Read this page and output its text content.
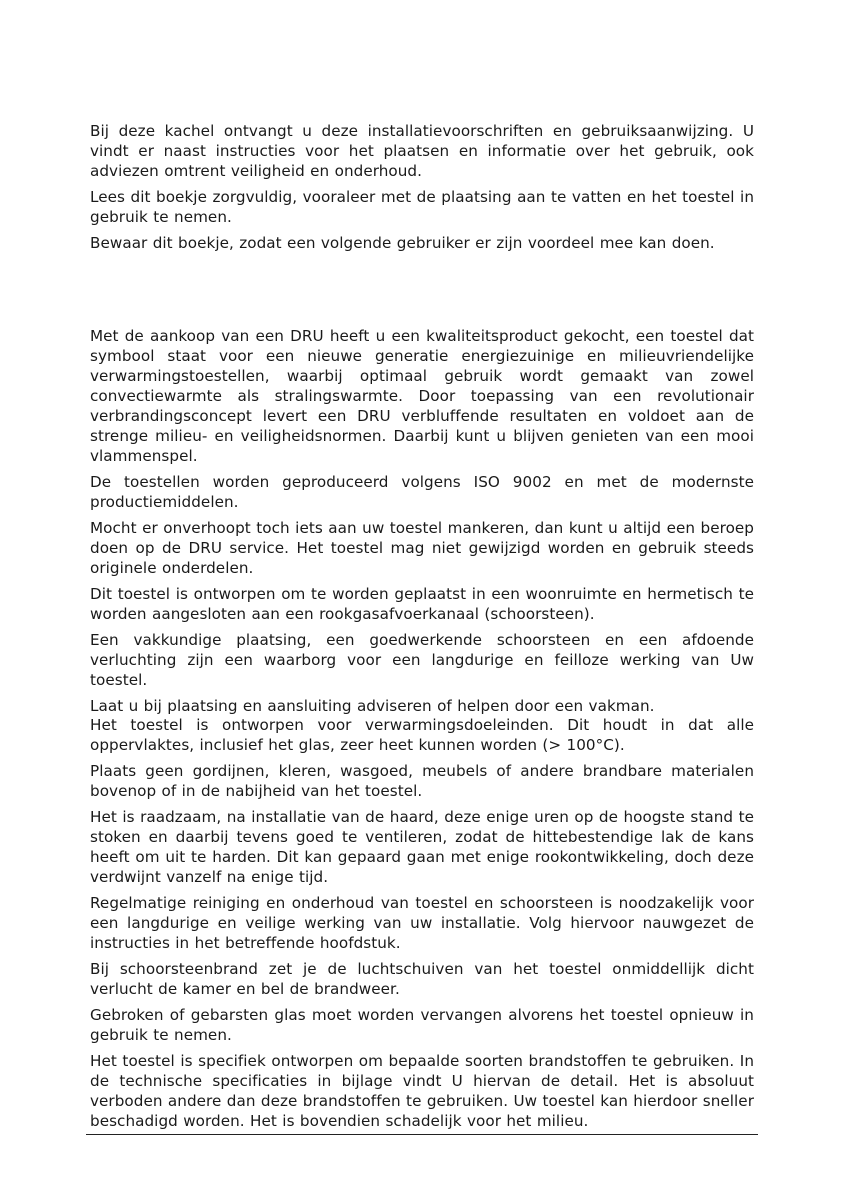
Bij deze kachel ontvangt u deze installatievoorschriften en gebruiksaanwijzing. U vindt er naast instructies voor het plaatsen en informatie over het gebruik, ook adviezen omtrent veiligheid en onderhoud.

Lees dit boekje zorgvuldig, vooraleer met de plaatsing aan te vatten en het toestel in gebruik te nemen.

Bewaar dit boekje, zodat een volgende gebruiker er zijn voordeel mee kan doen.

Met de aankoop van een DRU heeft u een kwaliteitsproduct gekocht, een toestel dat symbool staat voor een nieuwe generatie energiezuinige en milieuvriendelijke verwarmingstoestellen, waarbij optimaal gebruik wordt gemaakt van zowel convectiewarmte als stralingswarmte. Door toepassing van een revolutionair verbrandingsconcept levert een DRU verbluffende resultaten en voldoet aan de strenge milieu- en veiligheidsnormen. Daarbij kunt u blijven genieten van een mooi vlammenspel.

De toestellen worden geproduceerd volgens ISO 9002 en met de modernste productiemiddelen.

Mocht er onverhoopt toch iets aan uw toestel mankeren, dan kunt u altijd een beroep doen op de DRU service. Het toestel mag niet gewijzigd worden en gebruik steeds originele onderdelen.

Dit toestel is ontworpen om te worden geplaatst in een woonruimte en hermetisch te worden aangesloten aan een rookgasafvoerkanaal (schoorsteen).

Een vakkundige plaatsing, een goedwerkende schoorsteen en een afdoende verluchting zijn een waarborg voor een langdurige en feilloze werking van Uw toestel.

Laat u bij plaatsing en aansluiting adviseren of helpen door een vakman.

Het toestel is ontworpen voor verwarmingsdoeleinden. Dit houdt in dat alle oppervlaktes, inclusief het glas, zeer heet kunnen worden (> 100°C).

Plaats geen gordijnen, kleren, wasgoed, meubels of andere brandbare materialen bovenop of in de nabijheid van het toestel.

Het is raadzaam, na installatie van de haard, deze enige uren op de hoogste stand te stoken en daarbij tevens goed te ventileren, zodat de hittebestendige lak de kans heeft om uit te harden. Dit kan gepaard gaan met enige rookontwikkeling, doch deze verdwijnt vanzelf na enige tijd.

Regelmatige reiniging en onderhoud van toestel en schoorsteen is noodzakelijk voor een langdurige en veilige werking van uw installatie. Volg hiervoor nauwgezet de instructies in het betreffende hoofdstuk.

Bij schoorsteenbrand zet je de luchtschuiven van het toestel onmiddellijk dicht verlucht de kamer en bel de brandweer.

Gebroken of gebarsten glas moet worden vervangen alvorens het toestel opnieuw in gebruik te nemen.

Het toestel is specifiek ontworpen om bepaalde soorten brandstoffen te gebruiken. In de technische specificaties in bijlage vindt U hiervan de detail. Het is absoluut verboden andere dan deze brandstoffen te gebruiken. Uw toestel kan hierdoor sneller beschadigd worden. Het is bovendien schadelijk voor het milieu.
